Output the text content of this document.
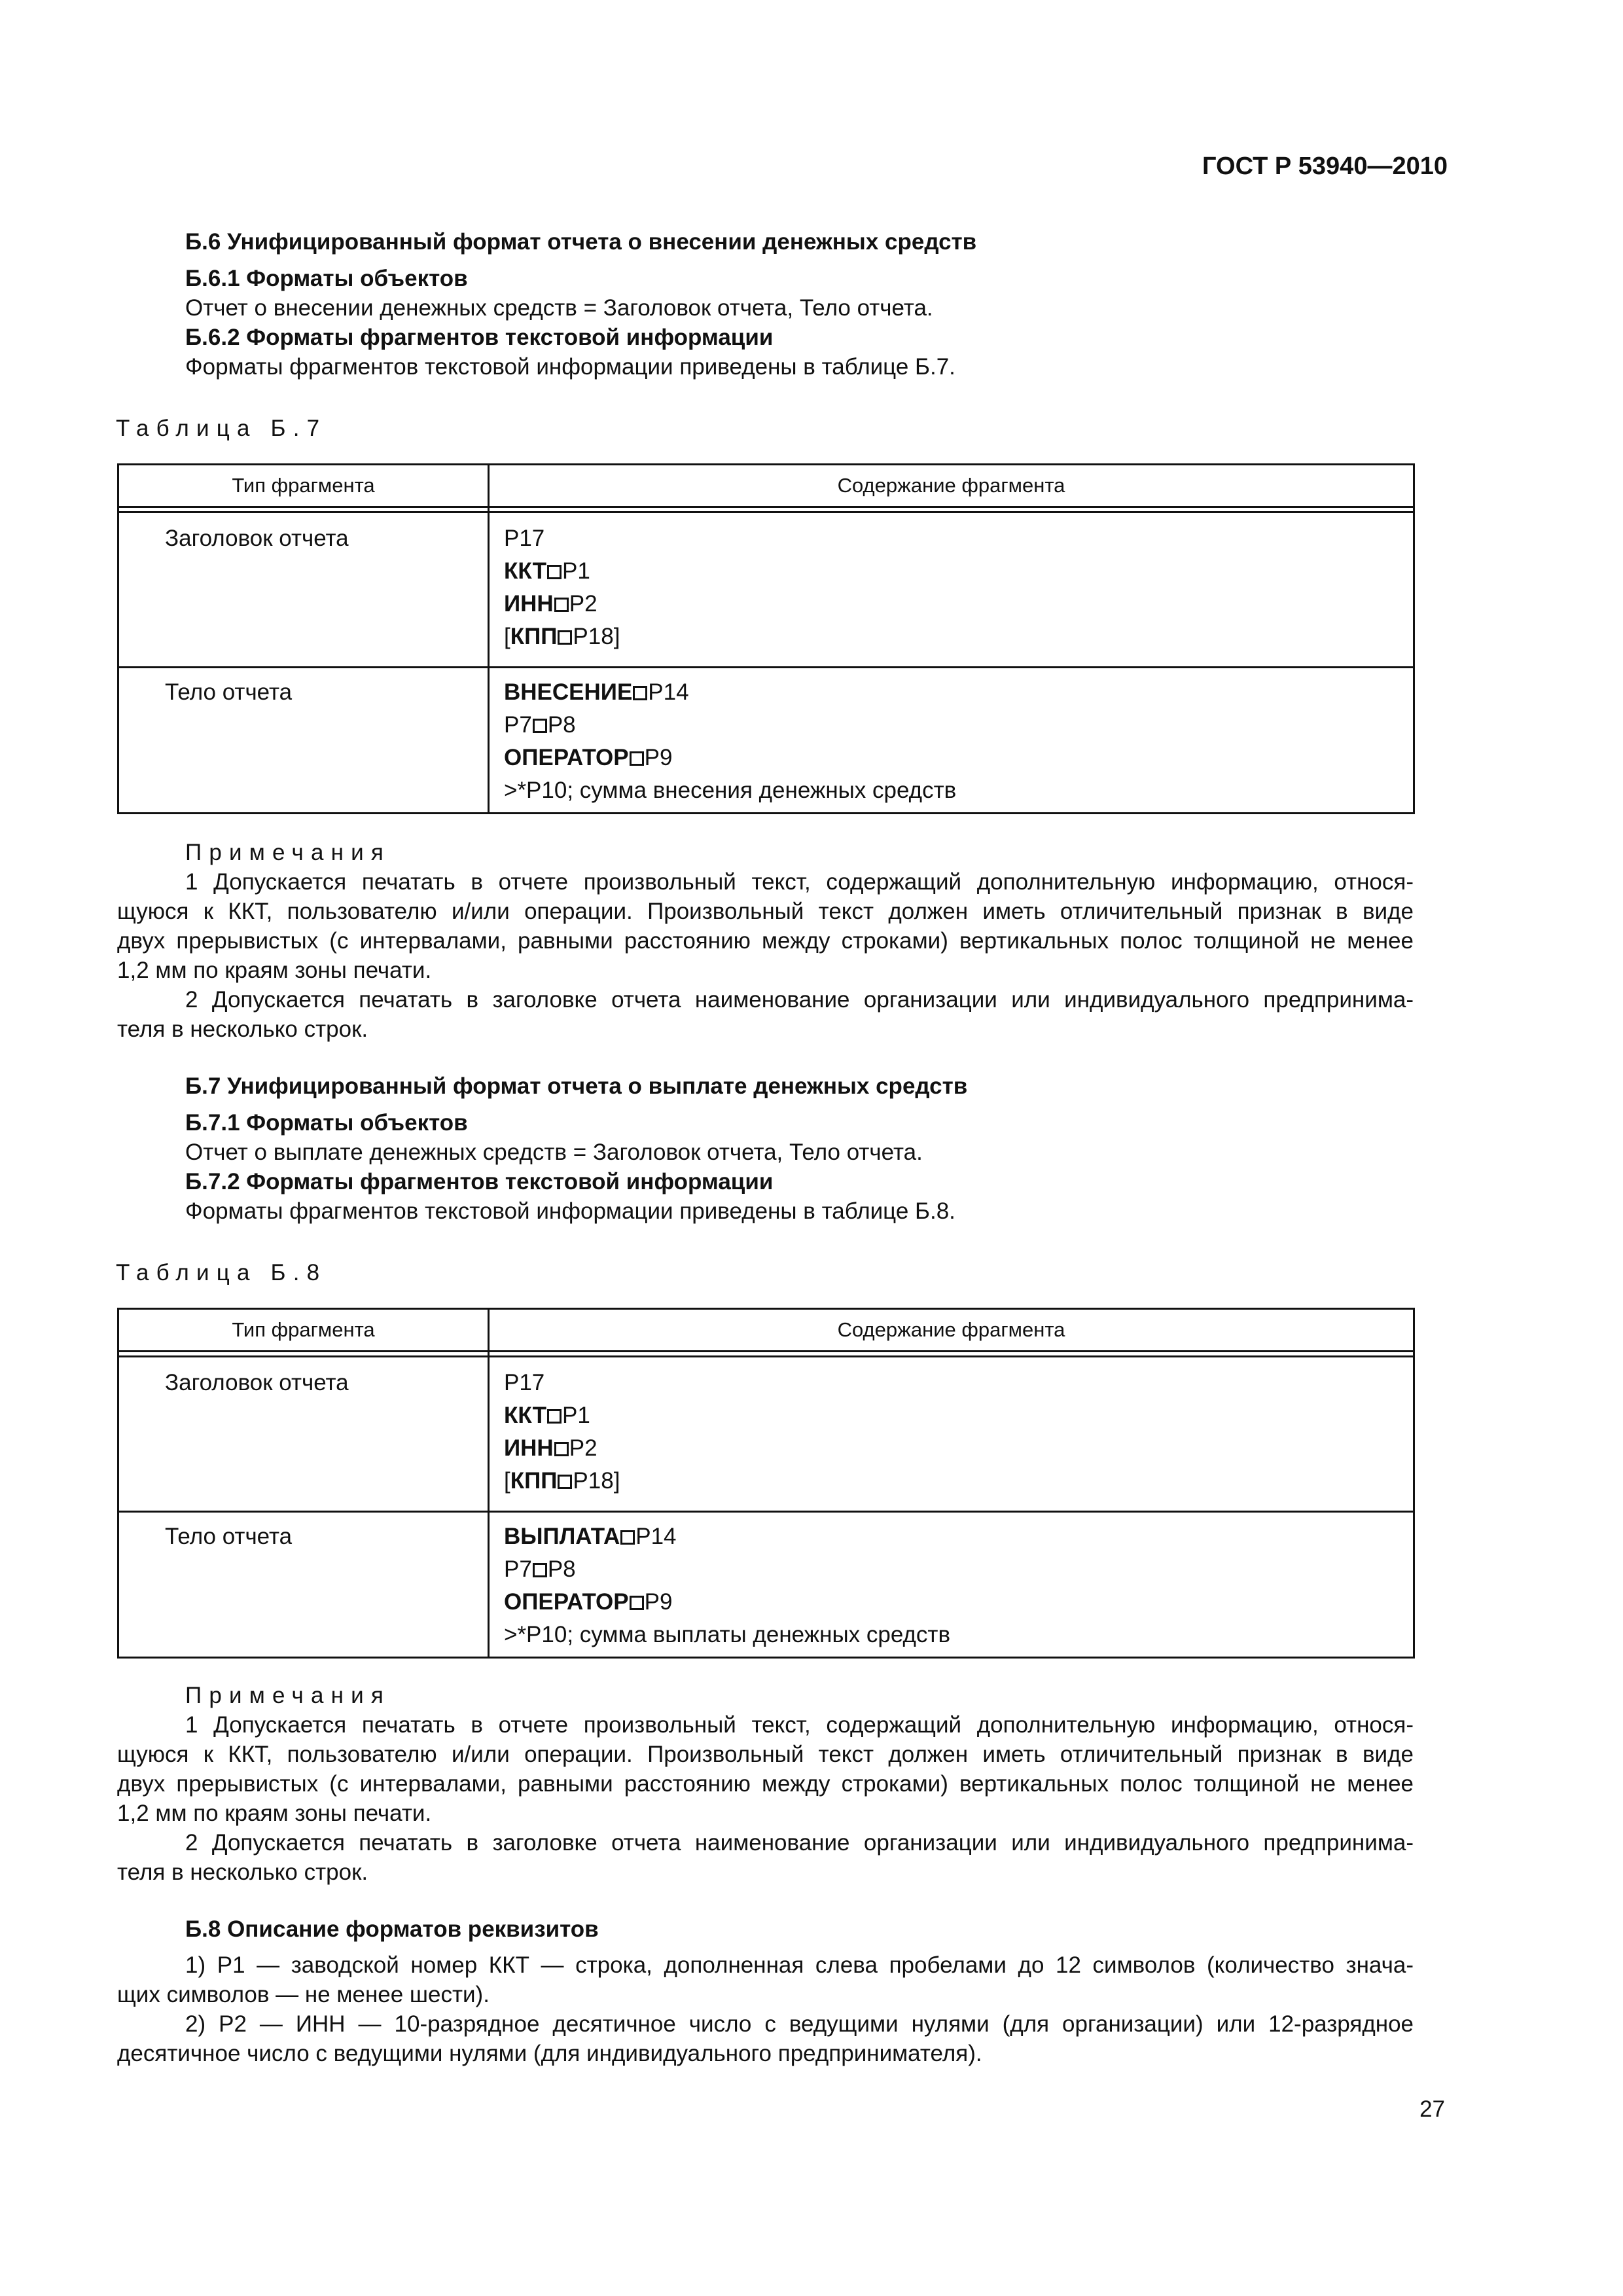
ГОСТ Р 53940—2010
Б.6 Унифицированный формат отчета о внесении денежных средств
Б.6.1 Форматы объектов
Отчет о внесении денежных средств = Заголовок отчета, Тело отчета.
Б.6.2 Форматы фрагментов текстовой информации
Форматы фрагментов текстовой информации приведены в таблице Б.7.
Таблица Б.7
Тип фрагмента	Содержание фрагмента

Заголовок отчета	Р17
ККТ Р1
ИНН Р2
[КПП Р18]

Тело отчета	ВНЕСЕНИЕ Р14
Р7 Р8
ОПЕРАТОР Р9
>*Р10; сумма внесения денежных средств
Примечания
1 Допускается печатать в отчете произвольный текст, содержащий дополнительную информацию, относя-
щуюся к ККТ, пользователю и/или операции. Произвольный текст должен иметь отличительный признак в виде
двух прерывистых (с интервалами, равными расстоянию между строками) вертикальных полос толщиной не менее
1,2 мм по краям зоны печати.
2 Допускается печатать в заголовке отчета наименование организации или индивидуального предпринима-
теля в несколько строк.
Б.7 Унифицированный формат отчета о выплате денежных средств
Б.7.1 Форматы объектов
Отчет о выплате денежных средств = Заголовок отчета, Тело отчета.
Б.7.2 Форматы фрагментов текстовой информации
Форматы фрагментов текстовой информации приведены в таблице Б.8.
Таблица Б.8
Тип фрагмента	Содержание фрагмента

Заголовок отчета	Р17
ККТ Р1
ИНН Р2
[КПП Р18]

Тело отчета	ВЫПЛАТА Р14
Р7 Р8
ОПЕРАТОР Р9
>*Р10; сумма выплаты денежных средств
Примечания
1 Допускается печатать в отчете произвольный текст, содержащий дополнительную информацию, относя-
щуюся к ККТ, пользователю и/или операции. Произвольный текст должен иметь отличительный признак в виде
двух прерывистых (с интервалами, равными расстоянию между строками) вертикальных полос толщиной не менее
1,2 мм по краям зоны печати.
2 Допускается печатать в заголовке отчета наименование организации или индивидуального предпринима-
теля в несколько строк.
Б.8 Описание форматов реквизитов
1) Р1 — заводской номер ККТ — строка, дополненная слева пробелами до 12 символов (количество знача-
щих символов — не менее шести).
2) Р2 — ИНН — 10-разрядное десятичное число с ведущими нулями (для организации) или 12-разрядное
десятичное число с ведущими нулями (для индивидуального предпринимателя).
27
